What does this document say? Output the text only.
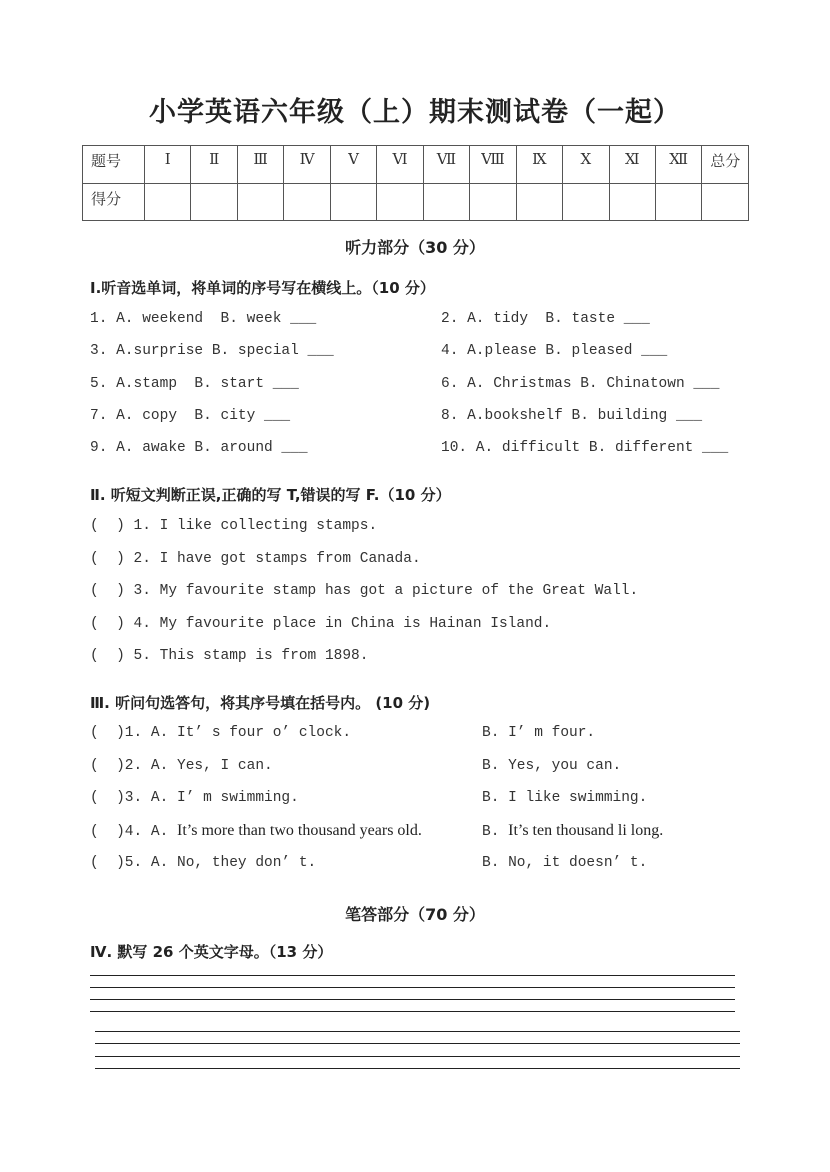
小学英语六年级（上）期末测试卷（一起）
题号	Ⅰ	Ⅱ	Ⅲ	Ⅳ	Ⅴ	Ⅵ	Ⅶ	Ⅷ	Ⅸ	Ⅹ	Ⅺ	Ⅻ	总分
得分													
听力部分（30 分）
Ⅰ.听音选单词，将单词的序号写在横线上。（10 分）
1. A. weekend  B. week ___	2. A. tidy  B. taste ___
3. A.surprise B. special ___	4. A.please B. pleased ___
5. A.stamp  B. start ___	6. A. Christmas B. Chinatown ___
7. A. copy  B. city ___	8. A.bookshelf B. building ___
9. A. awake B. around ___	10. A. difficult B. different ___
Ⅱ. 听短文判断正误,正确的写 T,错误的写 F.（10 分）
(  ) 1. I like collecting stamps.
(  ) 2. I have got stamps from Canada.
(  ) 3. My favourite stamp has got a picture of the Great Wall.
(  ) 4. My favourite place in China is Hainan Island.
(  ) 5. This stamp is from 1898.
Ⅲ. 听问句选答句，将其序号填在括号内。 (10 分)
(  )1. A. It’ s four o’ clock.	B. I’ m four.
(  )2. A. Yes, I can.	B. Yes, you can.
(  )3. A. I’ m swimming.	B. I like swimming.
(  )4. A. It’s more than two thousand years old.	B. It’s ten thousand li long.
(  )5. A. No, they don’ t.	B. No, it doesn’ t.
笔答部分（70 分）
Ⅳ. 默写 26 个英文字母。（13 分）
